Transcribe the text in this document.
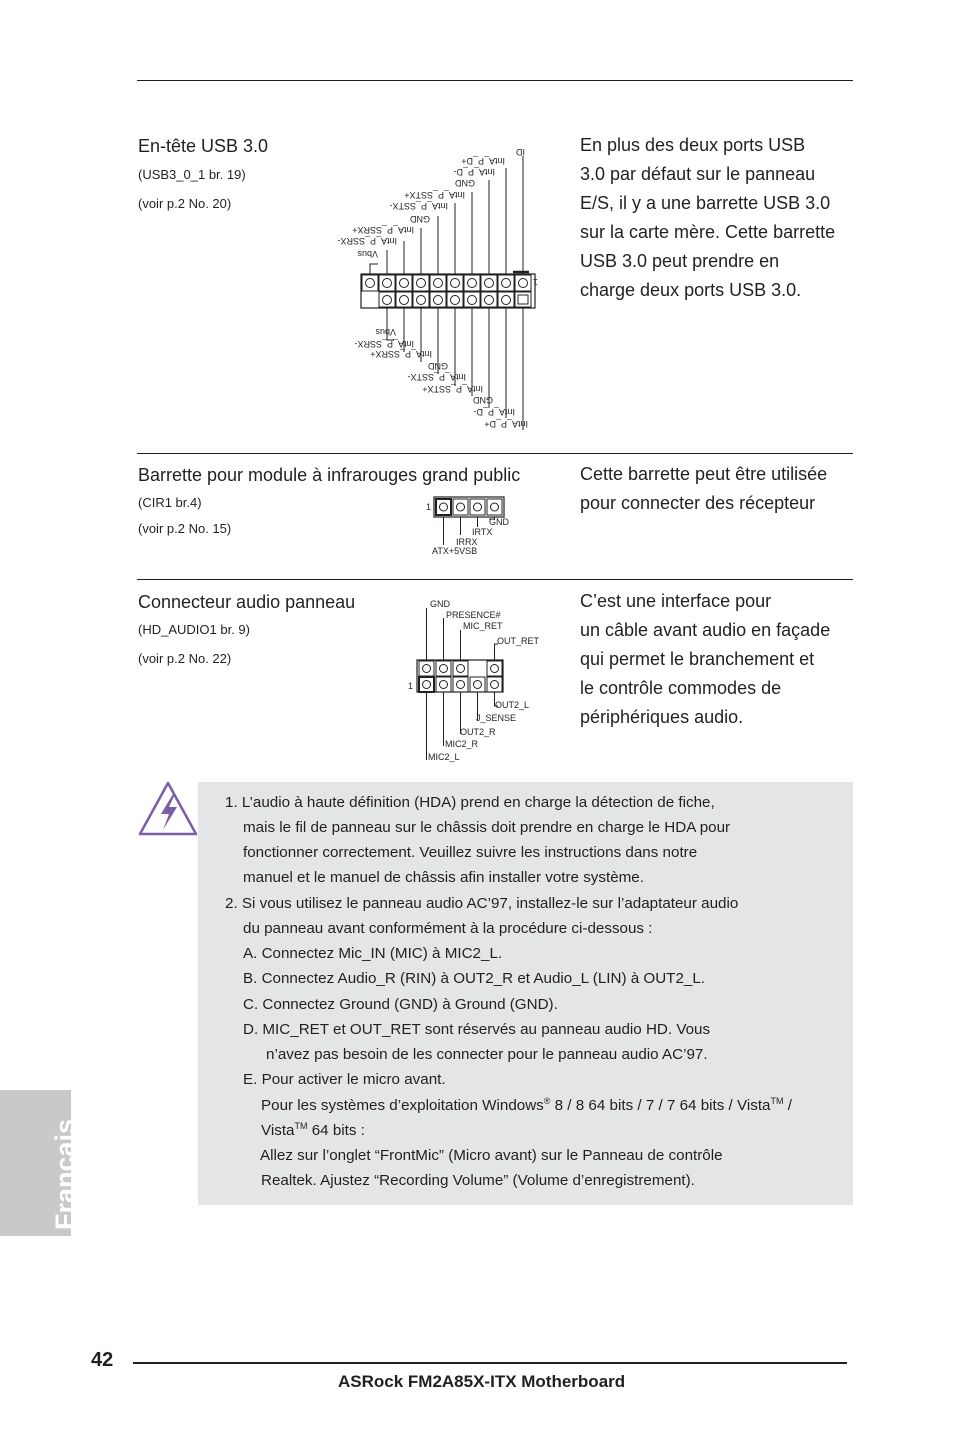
En-tête USB 3.0
(USB3_0_1 br. 19)
(voir p.2 No. 20)
En plus des deux ports USB
3.0 par défaut sur le panneau
E/S, il y a une barrette USB 3.0
sur la carte mère. Cette barrette
USB 3.0 peut prendre en
charge deux ports USB 3.0.
1
ID
IntA_P_D+
IntA_P_D-
GND
IntA_P_SSTX+
IntA_P_SSTX-
GND
IntA_P_SSRX+
IntA_P_SSRX-
Vbus
Vbus
IntA_P_SSRX-
IntA_P_SSRX+
GND
IntA_P_SSTX-
IntA_P_SSTX+
GND
IntA_P_D-
IntA_P_D+
Barrette pour module à infrarouges grand public
(CIR1 br.4)
(voir p.2 No. 15)
Cette barrette peut être utilisée
pour connecter des récepteur
1
GND
IRTX
IRRX
ATX+5VSB
Connecteur audio panneau
(HD_AUDIO1 br. 9)
(voir p.2 No. 22)
C’est une interface pour
un câble avant audio en façade
qui permet le branchement et
le contrôle commodes de
périphériques audio.
1
GND
PRESENCE#
MIC_RET
OUT_RET
OUT2_L
J_SENSE
OUT2_R
MIC2_R
MIC2_L
1. L’audio à haute définition (HDA) prend en charge la détection de fiche,
mais le fil de panneau sur le châssis doit prendre en charge le HDA pour
fonctionner correctement. Veuillez suivre les instructions dans notre
manuel et le manuel de châssis afin installer votre système.
2. Si vous utilisez le panneau audio AC’97, installez-le sur l’adaptateur audio
du panneau avant conformément à la procédure ci-dessous :
A. Connectez Mic_IN (MIC) à MIC2_L.
B. Connectez Audio_R (RIN) à OUT2_R et Audio_L (LIN) à OUT2_L.
C. Connectez Ground (GND) à Ground (GND).
D. MIC_RET et OUT_RET sont réservés au panneau audio HD. Vous
n’avez pas besoin de les connecter pour le panneau audio AC’97.
E. Pour activer le micro avant.
Pour les systèmes d’exploitation Windows® 8 / 8 64 bits / 7 / 7 64 bits / Vista™ /
Vista™ 64 bits :
Allez sur l’onglet “FrontMic” (Micro avant) sur le Panneau de contrôle
Realtek. Ajustez “Recording Volume” (Volume d’enregistrement).
Français
42
ASRock FM2A85X-ITX Motherboard
